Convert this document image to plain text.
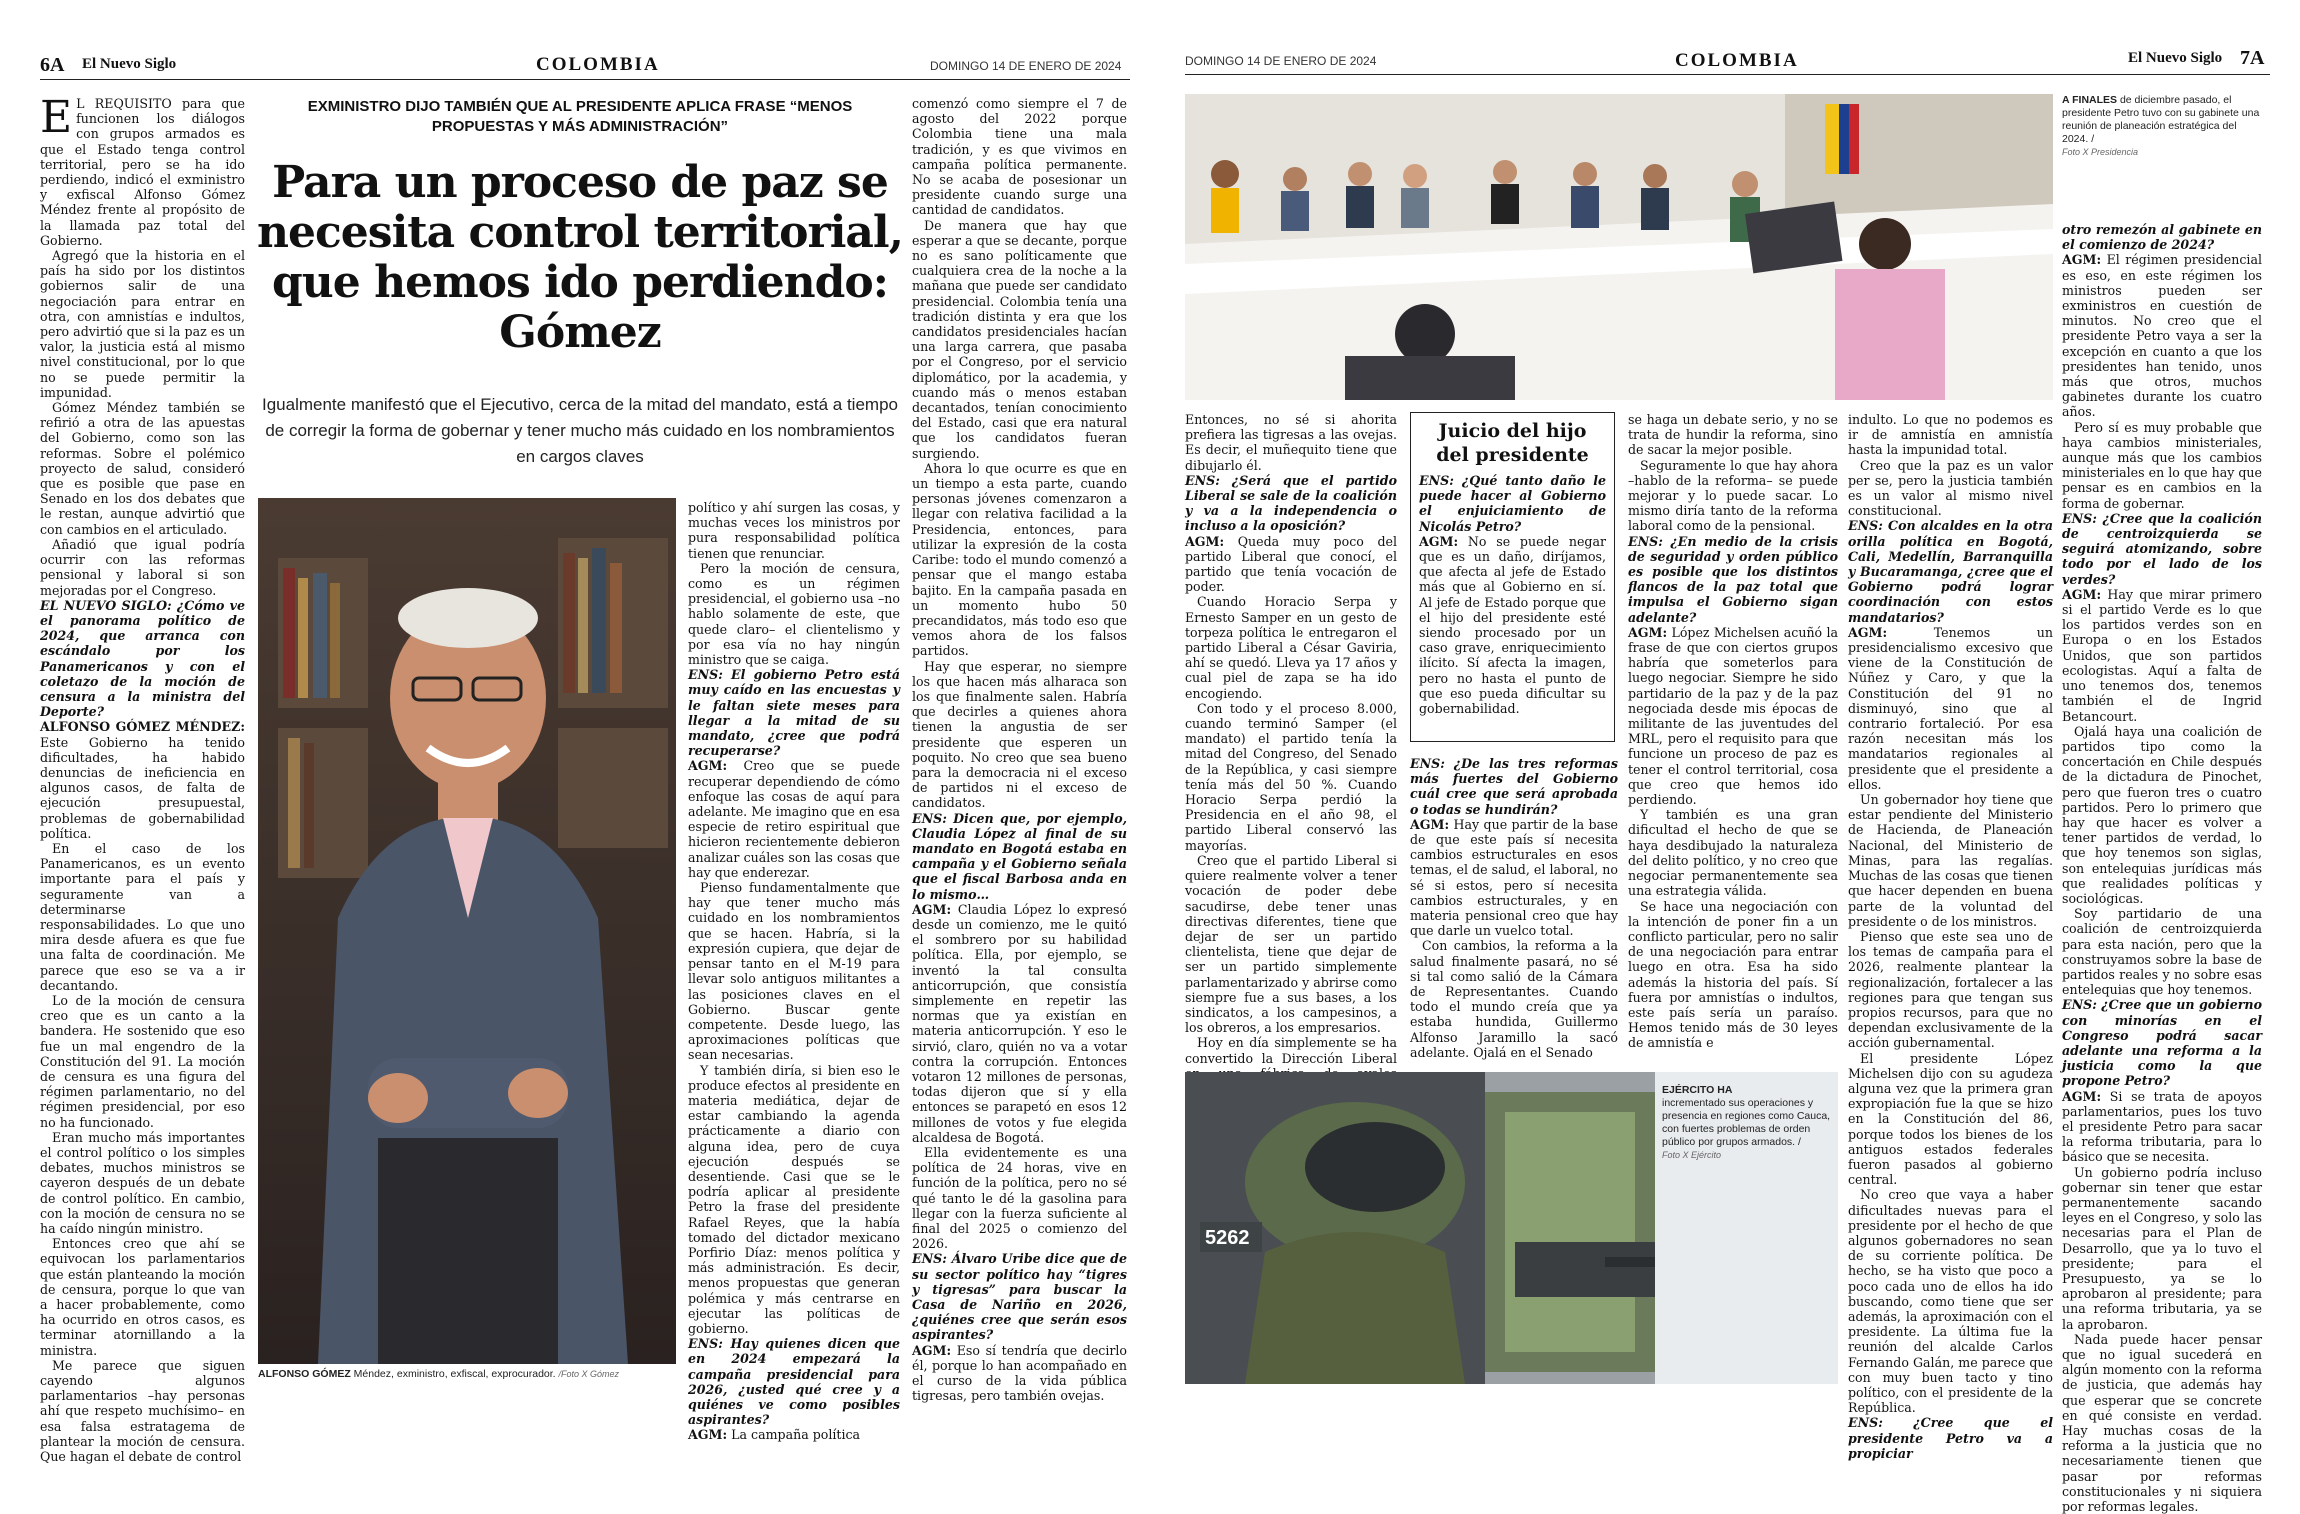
6A El Nuevo Siglo	COLOMBIA	DOMINGO 14 DE ENERO DE 2024

E L REQUISITO para que funcionen los diálogos con grupos armados es que el Estado tenga control territorial, pero se ha ido perdiendo, indicó el exministro y exfiscal Alfonso Gómez Méndez frente al propósito de la llamada paz total del Gobierno.

Agregó que la historia en el país ha sido por los distintos gobiernos salir de una negociación para entrar en otra, con amnistías e indultos, pero advirtió que si la paz es un valor, la justicia está al mismo nivel constitucional, por lo que no se puede permitir la impunidad.

Gómez Méndez también se refirió a otra de las apuestas del Gobierno, como son las reformas. Sobre el polémico proyecto de salud, consideró que es posible que pase en Senado en los dos debates que le restan, aunque advirtió que con cambios en el articulado.

Añadió que igual podría ocurrir con las reformas pensional y laboral si son mejoradas por el Congreso.

EL NUEVO SIGLO: ¿Cómo ve el panorama político de 2024, que arranca con escándalo por los Panamericanos y con el coletazo de la moción de censura a la ministra del Deporte?

ALFONSO GÓMEZ MÉNDEZ: Este Gobierno ha tenido dificultades, ha habido denuncias de ineficiencia en algunos casos, de falta de ejecución presupuestal, problemas de gobernabilidad política.

En el caso de los Panamericanos, es un evento importante para el país y seguramente van a determinarse responsabilidades. Lo que uno mira desde afuera es que fue una falta de coordinación. Me parece que eso se va a ir decantando.

Lo de la moción de censura creo que es un canto a la bandera. He sostenido que eso fue un mal engendro de la Constitución del 91. La moción de censura es una figura del régimen parlamentario, no del régimen presidencial, por eso no ha funcionado.

Eran mucho más importantes el control político o los simples debates, muchos ministros se cayeron después de un debate de control político. En cambio, con la moción de censura no se ha caído ningún ministro.

Entonces creo que ahí se equivocan los parlamentarios que están planteando la moción de censura, porque lo que van a hacer probablemente, como ha ocurrido en otros casos, es terminar atornillando a la ministra.

Me parece que siguen cayendo algunos parlamentarios –hay personas ahí que respeto muchísimo– en esa falsa estratagema de plantear la moción de censura. Que hagan el debate de control

EXMINISTRO DIJO TAMBIÉN QUE AL PRESIDENTE APLICA FRASE “MENOS PROPUESTAS Y MÁS ADMINISTRACIÓN”
Para un proceso de paz se necesita control territorial, que hemos ido perdiendo: Gómez
Igualmente manifestó que el Ejecutivo, cerca de la mitad del mandato, está a tiempo de corregir la forma de gobernar y tener mucho más cuidado en los nombramientos en cargos claves
ALFONSO GÓMEZ Méndez, exministro, exfiscal, exprocurador. /Foto X Gómez

político y ahí surgen las cosas, y muchas veces los ministros por pura responsabilidad política tienen que renunciar.

Pero la moción de censura, como es un régimen presidencial, el gobierno usa –no hablo solamente de este, que quede claro– el clientelismo y por esa vía no hay ningún ministro que se caiga.

ENS: El gobierno Petro está muy caído en las encuestas y le faltan siete meses para llegar a la mitad de su mandato, ¿cree que podrá recuperarse?

AGM: Creo que se puede recuperar dependiendo de cómo enfoque las cosas de aquí para adelante. Me imagino que en esa especie de retiro espiritual que hicieron recientemente debieron analizar cuáles son las cosas que hay que enderezar.

Pienso fundamentalmente que hay que tener mucho más cuidado en los nombramientos que se hacen. Habría, si la expresión cupiera, que dejar de pensar tanto en el M-19 para llevar solo antiguos militantes a las posiciones claves en el Gobierno. Buscar gente competente. Desde luego, las aproximaciones políticas que sean necesarias.

Y también diría, si bien eso le produce efectos al presidente en materia mediática, dejar de estar cambiando la agenda prácticamente a diario con alguna idea, pero de cuya ejecución después se desentiende. Casi que se le podría aplicar al presidente Petro la frase del presidente Rafael Reyes, que la había tomado del dictador mexicano Porfirio Díaz: menos política y más administración. Es decir, menos propuestas que generan polémica y más centrarse en ejecutar las políticas de gobierno.

ENS: Hay quienes dicen que en 2024 empezará la campaña presidencial para 2026, ¿usted qué cree y a quiénes ve como posibles aspirantes?

AGM: La campaña política

comenzó como siempre el 7 de agosto del 2022 porque Colombia tiene una mala tradición, y es que vivimos en campaña política permanente. No se acaba de posesionar un presidente cuando surge una cantidad de candidatos.

De manera que hay que esperar a que se decante, porque no es sano políticamente que cualquiera crea de la noche a la mañana que puede ser candidato presidencial. Colombia tenía una tradición distinta y era que los candidatos presidenciales hacían una larga carrera, que pasaba por el Congreso, por el servicio diplomático, por la academia, y cuando más o menos estaban decantados, tenían conocimiento del Estado, casi que era natural que los candidatos fueran surgiendo.

Ahora lo que ocurre es que en un tiempo a esta parte, cuando personas jóvenes comenzaron a llegar con relativa facilidad a la Presidencia, entonces, para utilizar la expresión de la costa Caribe: todo el mundo comenzó a pensar que el mango estaba bajito. En la campaña pasada en un momento hubo 50 precandidatos, más todo eso que vemos ahora de los falsos partidos.

Hay que esperar, no siempre los que hacen más alharaca son los que finalmente salen. Habría que decirles a quienes ahora tienen la angustia de ser presidente que esperen un poquito. No creo que sea bueno para la democracia ni el exceso de partidos ni el exceso de candidatos.

ENS: Dicen que, por ejemplo, Claudia López al final de su mandato en Bogotá estaba en campaña y el Gobierno señala que el fiscal Barbosa anda en lo mismo…

AGM: Claudia López lo expresó desde un comienzo, me le quitó el sombrero por su habilidad política. Ella, por ejemplo, se inventó la tal consulta anticorrupción, que consistía simplemente en repetir las normas que ya existían en materia anticorrupción. Y eso le sirvió, claro, quién no va a votar contra la corrupción. Entonces votaron 12 millones de personas, todas dijeron que sí y ella entonces se parapetó en esos 12 millones de votos y fue elegida alcaldesa de Bogotá.

Ella evidentemente es una política de 24 horas, vive en función de la política, pero no sé qué tanto le dé la gasolina para llegar con la fuerza suficiente al final del 2025 o comienzo del 2026.

ENS: Álvaro Uribe dice que de su sector político hay “tigres y tigresas” para buscar la Casa de Nariño en 2026, ¿quiénes cree que serán esos aspirantes?

AGM: Eso sí tendría que decirlo él, porque lo han acompañado en el curso de la vida pública tigresas, pero también ovejas.

DOMINGO 14 DE ENERO DE 2024	COLOMBIA	El Nuevo Siglo 7A
A FINALES de diciembre pasado, el presidente Petro tuvo con su gabinete una reunión de planeación estratégica del 2024. /
Foto X Presidencia

Entonces, no sé si ahorita prefiera las tigresas a las ovejas. Es decir, el muñequito tiene que dibujarlo él.

ENS: ¿Será que el partido Liberal se sale de la coalición y va a la independencia o incluso a la oposición?

AGM: Queda muy poco del partido Liberal que conocí, el partido que tenía vocación de poder.

Cuando Horacio Serpa y Ernesto Samper en un gesto de torpeza política le entregaron el partido Liberal a César Gaviria, ahí se quedó. Lleva ya 17 años y cual piel de zapa se ha ido encogiendo.

Con todo y el proceso 8.000, cuando terminó Samper (el mandato) el partido tenía la mitad del Congreso, del Senado de la República, y casi siempre tenía más del 50 %. Cuando Horacio Serpa perdió la Presidencia en el año 98, el partido Liberal conservó las mayorías.

Creo que el partido Liberal si quiere realmente volver a tener vocación de poder debe sacudirse, debe tener unas directivas diferentes, tiene que dejar de ser un partido clientelista, tiene que dejar de ser un partido simplemente parlamentarizado y abrirse como siempre fue a sus bases, a los sindicatos, a los campesinos, a los obreros, a los empresarios.

Hoy en día simplemente se ha convertido la Dirección Liberal

Juicio del hijo del presidente

ENS: ¿Qué tanto daño le puede hacer al Gobierno el enjuiciamiento de Nicolás Petro?

AGM: No se puede negar que es un daño, diríjamos, que afecta al jefe de Estado más que al Gobierno en sí. Al jefe de Estado porque que el hijo del presidente esté siendo procesado por un caso grave, enriquecimiento ilícito. Sí afecta la imagen, pero no hasta el punto de que eso pueda dificultar su gobernabilidad.

ENS: ¿De las tres reformas más fuertes del Gobierno cuál cree que será aprobada o todas se hundirán?

AGM: Hay que partir de la base de que este país sí necesita cambios estructurales en esos temas, el de salud, el laboral, no sé si estos, pero sí necesita cambios estructurales, y en materia pensional creo que hay que darle un vuelco total.

Con cambios, la reforma a la salud finalmente pasará, no sé si tal como salió de la Cámara de Representantes. Cuando todo el mundo creía que ya estaba hundida, Guillermo Alfonso Jaramillo la sacó adelante. Ojalá en el Senado

se haga un debate serio, y no se trata de hundir la reforma, sino de sacar la mejor posible.

Seguramente lo que hay ahora –hablo de la reforma– se puede mejorar y lo puede sacar. Lo mismo diría tanto de la reforma laboral como de la pensional.

ENS: ¿En medio de la crisis de seguridad y orden público es posible que los distintos flancos de la paz total que impulsa el Gobierno sigan adelante?

AGM: López Michelsen acuñó la frase de que con ciertos grupos habría que someterlos para luego negociar. Siempre he sido partidario de la paz y de la paz negociada desde mis épocas de militante de las juventudes del MRL, pero el requisito para que funcione un proceso de paz es tener el control territorial, cosa que creo que hemos ido perdiendo.

Y también es una gran dificultad el hecho de que se haya desdibujado la naturaleza del delito político, y no creo que negociar permanentemente sea una estrategia válida.

Se hace una negociación con la intención de poner fin a un conflicto particular, pero no salir de una negociación para entrar luego en otra. Esa ha sido además la historia del país. Sí fuera por amnistías o indultos, este país sería un paraíso. Hemos tenido más de 30 leyes de amnistía e

5262
EJÉRCITO HA
incrementado sus operaciones y presencia en regiones como Cauca, con fuertes problemas de orden público por grupos armados. /
Foto X Ejército

indulto. Lo que no podemos es ir de amnistía en amnistía hasta la impunidad total.

Creo que la paz es un valor per se, pero la justicia también es un valor al mismo nivel constitucional.

ENS: Con alcaldes en la otra orilla política en Bogotá, Cali, Medellín, Barranquilla y Bucaramanga, ¿cree que el Gobierno podrá lograr coordinación con estos mandatarios?

AGM:	Tenemos un presidencialismo excesivo que viene de la Constitución de Núñez y Caro, y que la Constitución del 91 no disminuyó, sino que al contrario fortaleció. Por esa razón necesitan más los mandatarios regionales al presidente que el presidente a ellos.

Un gobernador hoy tiene que estar pendiente del Ministerio de Hacienda, de Planeación Nacional, del Ministerio de Minas, para las regalías. Muchas de las cosas que tienen que hacer dependen en buena parte de la voluntad del presidente o de los ministros.

Pienso que este sea uno de los temas de campaña para el 2026, realmente plantear la regionalización, fortalecer a las regiones para que tengan sus propios recursos, para que no dependan exclusivamente de la acción gubernamental.

El presidente López Michelsen dijo con su agudeza alguna vez que la primera gran expropiación fue la que se hizo en la Constitución del 86, porque todos los bienes de los antiguos estados federales fueron pasados al gobierno central.

No creo que vaya a haber dificultades nuevas para el presidente por el hecho de que algunos gobernadores no sean de su corriente política. De hecho, se ha visto que poco a poco cada uno de ellos ha ido buscando, como tiene que ser además, la aproximación con el presidente. La última fue la reunión del alcalde Carlos Fernando Galán, me parece que con muy buen tacto y tino político, con el presidente de la República.

ENS: ¿Cree que el presidente Petro va a propiciar

otro remezón al gabinete en el comienzo de 2024?

AGM: El régimen presidencial es eso, en este régimen los ministros pueden ser exministros en cuestión de minutos. No creo que el presidente Petro vaya a ser la excepción en cuanto a que los presidentes han tenido, unos más que otros, muchos gabinetes durante los cuatro años.

Pero sí es muy probable que haya cambios ministeriales, aunque más que los cambios ministeriales en lo que hay que pensar es en cambios en la forma de gobernar.

ENS: ¿Cree que la coalición de centroizquierda se seguirá atomizando, sobre todo por el lado de los verdes?

AGM: Hay que mirar primero si el partido Verde es lo que los partidos verdes son en Europa o en los Estados Unidos, que son partidos ecologistas. Aquí a falta de uno tenemos dos, tenemos también el de Ingrid Betancourt.

Ojalá haya una coalición de partidos tipo como la concertación en Chile después de la dictadura de Pinochet, pero que fueron tres o cuatro partidos. Pero lo primero que hay que hacer es volver a tener partidos de verdad, lo que hoy tenemos son siglas, son entelequias jurídicas más que realidades políticas y sociológicas.

Soy partidario de una coalición de centroizquierda para esta nación, pero que la construyamos sobre la base de partidos reales y no sobre esas entelequias que hoy tenemos.

ENS: ¿Cree que un gobierno con minorías en el Congreso podrá sacar adelante una reforma a la justicia como la que propone Petro?

AGM: Si se trata de apoyos parlamentarios, pues los tuvo el presidente Petro para sacar la reforma tributaria, para lo básico que se necesita.

Un gobierno podría incluso gobernar sin tener que estar permanentemente sacando leyes en el Congreso, y solo las necesarias para el Plan de Desarrollo, que ya lo tuvo el presidente; para el Presupuesto, ya se lo aprobaron al presidente; para una reforma tributaria, ya se la aprobaron.

Nada puede hacer pensar que no igual sucederá en algún momento con la reforma de justicia, que además hay que esperar que se concrete en qué consiste en verdad. Hay muchas cosas de la reforma a la justicia que no necesariamente tienen que pasar por reformas constitucionales y ni siquiera por reformas legales.
